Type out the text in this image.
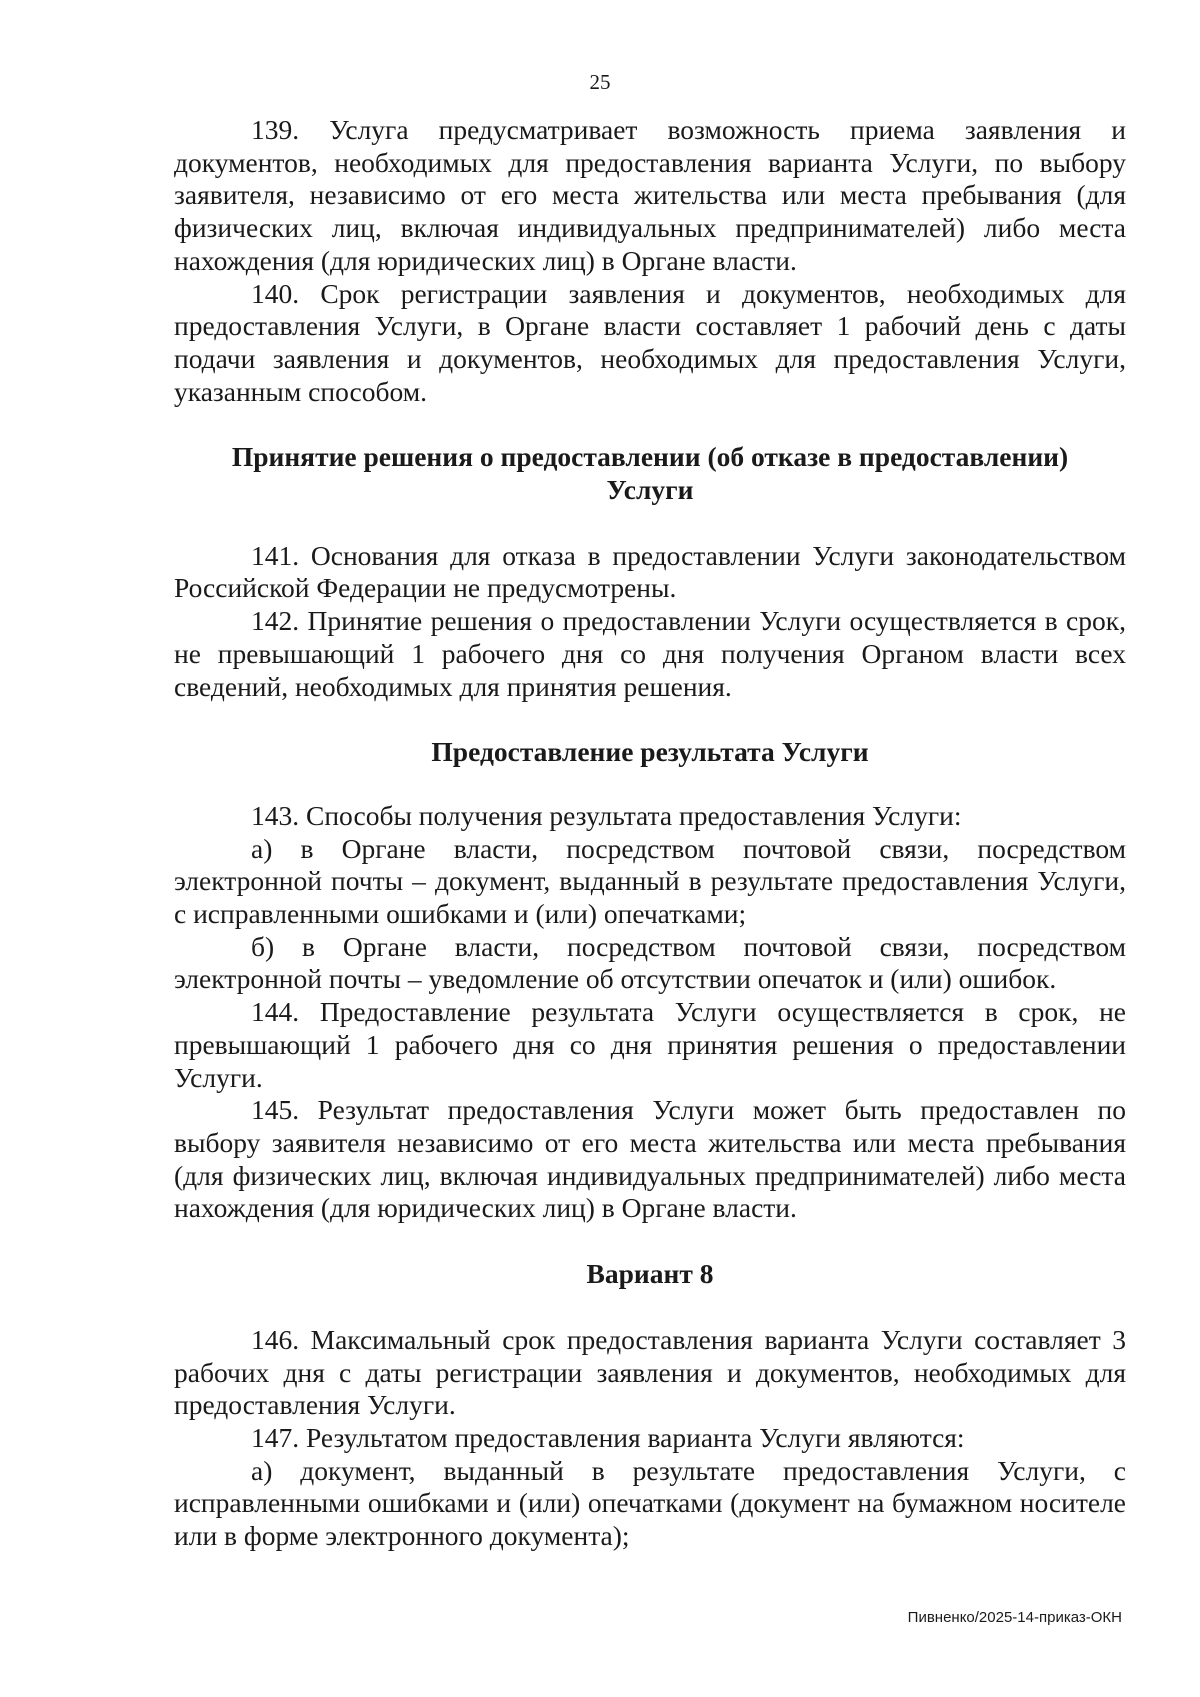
25

139. Услуга предусматривает возможность приема заявления и документов, необходимых для предоставления варианта Услуги, по выбору заявителя, независимо от его места жительства или места пребывания (для физических лиц, включая индивидуальных предпринимателей) либо места нахождения (для юридических лиц) в Органе власти.

140. Срок регистрации заявления и документов, необходимых для предоставления Услуги, в Органе власти составляет 1 рабочий день с даты подачи заявления и документов, необходимых для предоставления Услуги, указанным способом.

Принятие решения о предоставлении (об отказе в предоставлении) Услуги

141. Основания для отказа в предоставлении Услуги законодательством Российской Федерации не предусмотрены.

142. Принятие решения о предоставлении Услуги осуществляется в срок, не превышающий 1 рабочего дня со дня получения Органом власти всех сведений, необходимых для принятия решения.

Предоставление результата Услуги

143. Способы получения результата предоставления Услуги:

а) в Органе власти, посредством почтовой связи, посредством электронной почты – документ, выданный в результате предоставления Услуги, с исправленными ошибками и (или) опечатками;

б) в Органе власти, посредством почтовой связи, посредством электронной почты – уведомление об отсутствии опечаток и (или) ошибок.

144. Предоставление результата Услуги осуществляется в срок, не превышающий 1 рабочего дня со дня принятия решения о предоставлении Услуги.

145. Результат предоставления Услуги может быть предоставлен по выбору заявителя независимо от его места жительства или места пребывания (для физических лиц, включая индивидуальных предпринимателей) либо места нахождения (для юридических лиц) в Органе власти.

Вариант 8

146. Максимальный срок предоставления варианта Услуги составляет 3 рабочих дня с даты регистрации заявления и документов, необходимых для предоставления Услуги.

147. Результатом предоставления варианта Услуги являются:

а) документ, выданный в результате предоставления Услуги, с исправленными ошибками и (или) опечатками (документ на бумажном носителе или в форме электронного документа);

Пивненко/2025-14-приказ-ОКН
